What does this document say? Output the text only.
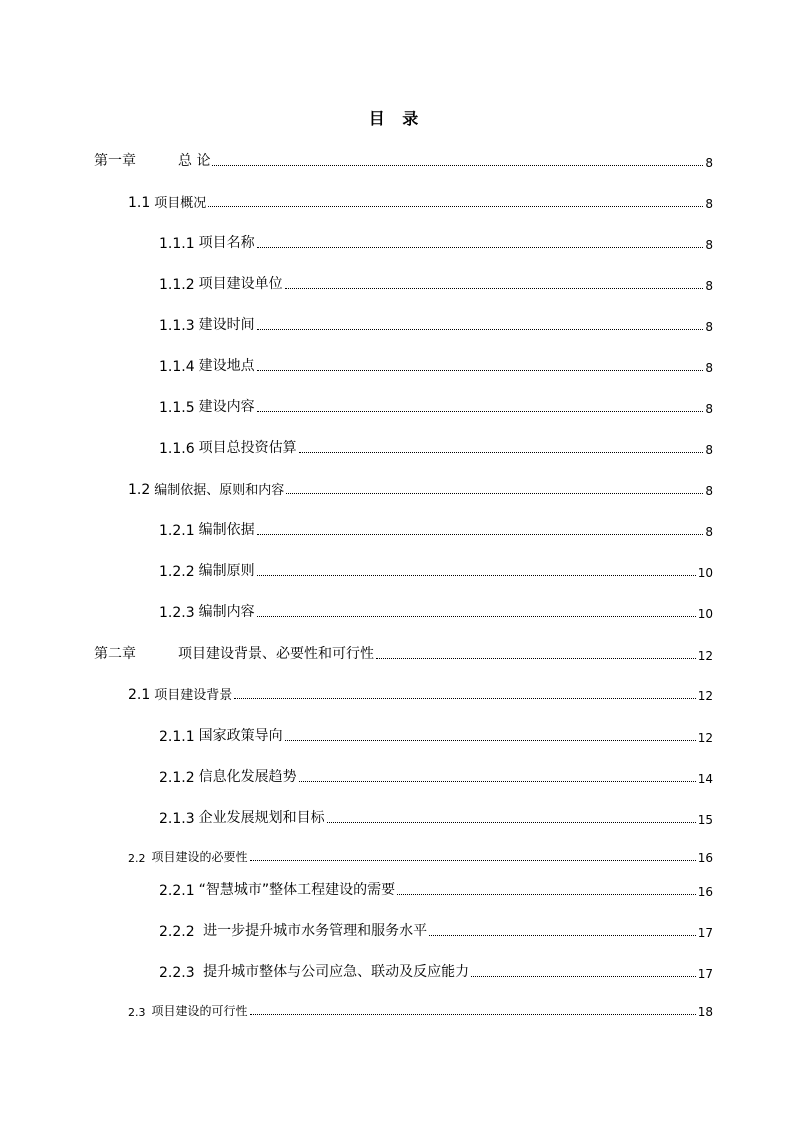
目 录
第一章	总 论	8
1.1 项目概况	8
1.1.1 项目名称	8
1.1.2 项目建设单位	8
1.1.3 建设时间	8
1.1.4 建设地点	8
1.1.5 建设内容	8
1.1.6 项目总投资估算	8
1.2 编制依据、原则和内容	8
1.2.1 编制依据	8
1.2.2 编制原则	10
1.2.3 编制内容	10
第二章	项目建设背景、必要性和可行性	12
2.1 项目建设背景	12
2.1.1 国家政策导向	12
2.1.2 信息化发展趋势	14
2.1.3 企业发展规划和目标	15
2.2 项目建设的必要性	16
2.2.1 “智慧城市”整体工程建设的需要	16
2.2.2 进一步提升城市水务管理和服务水平	17
2.2.3 提升城市整体与公司应急、联动及反应能力	17
2.3 项目建设的可行性	18
